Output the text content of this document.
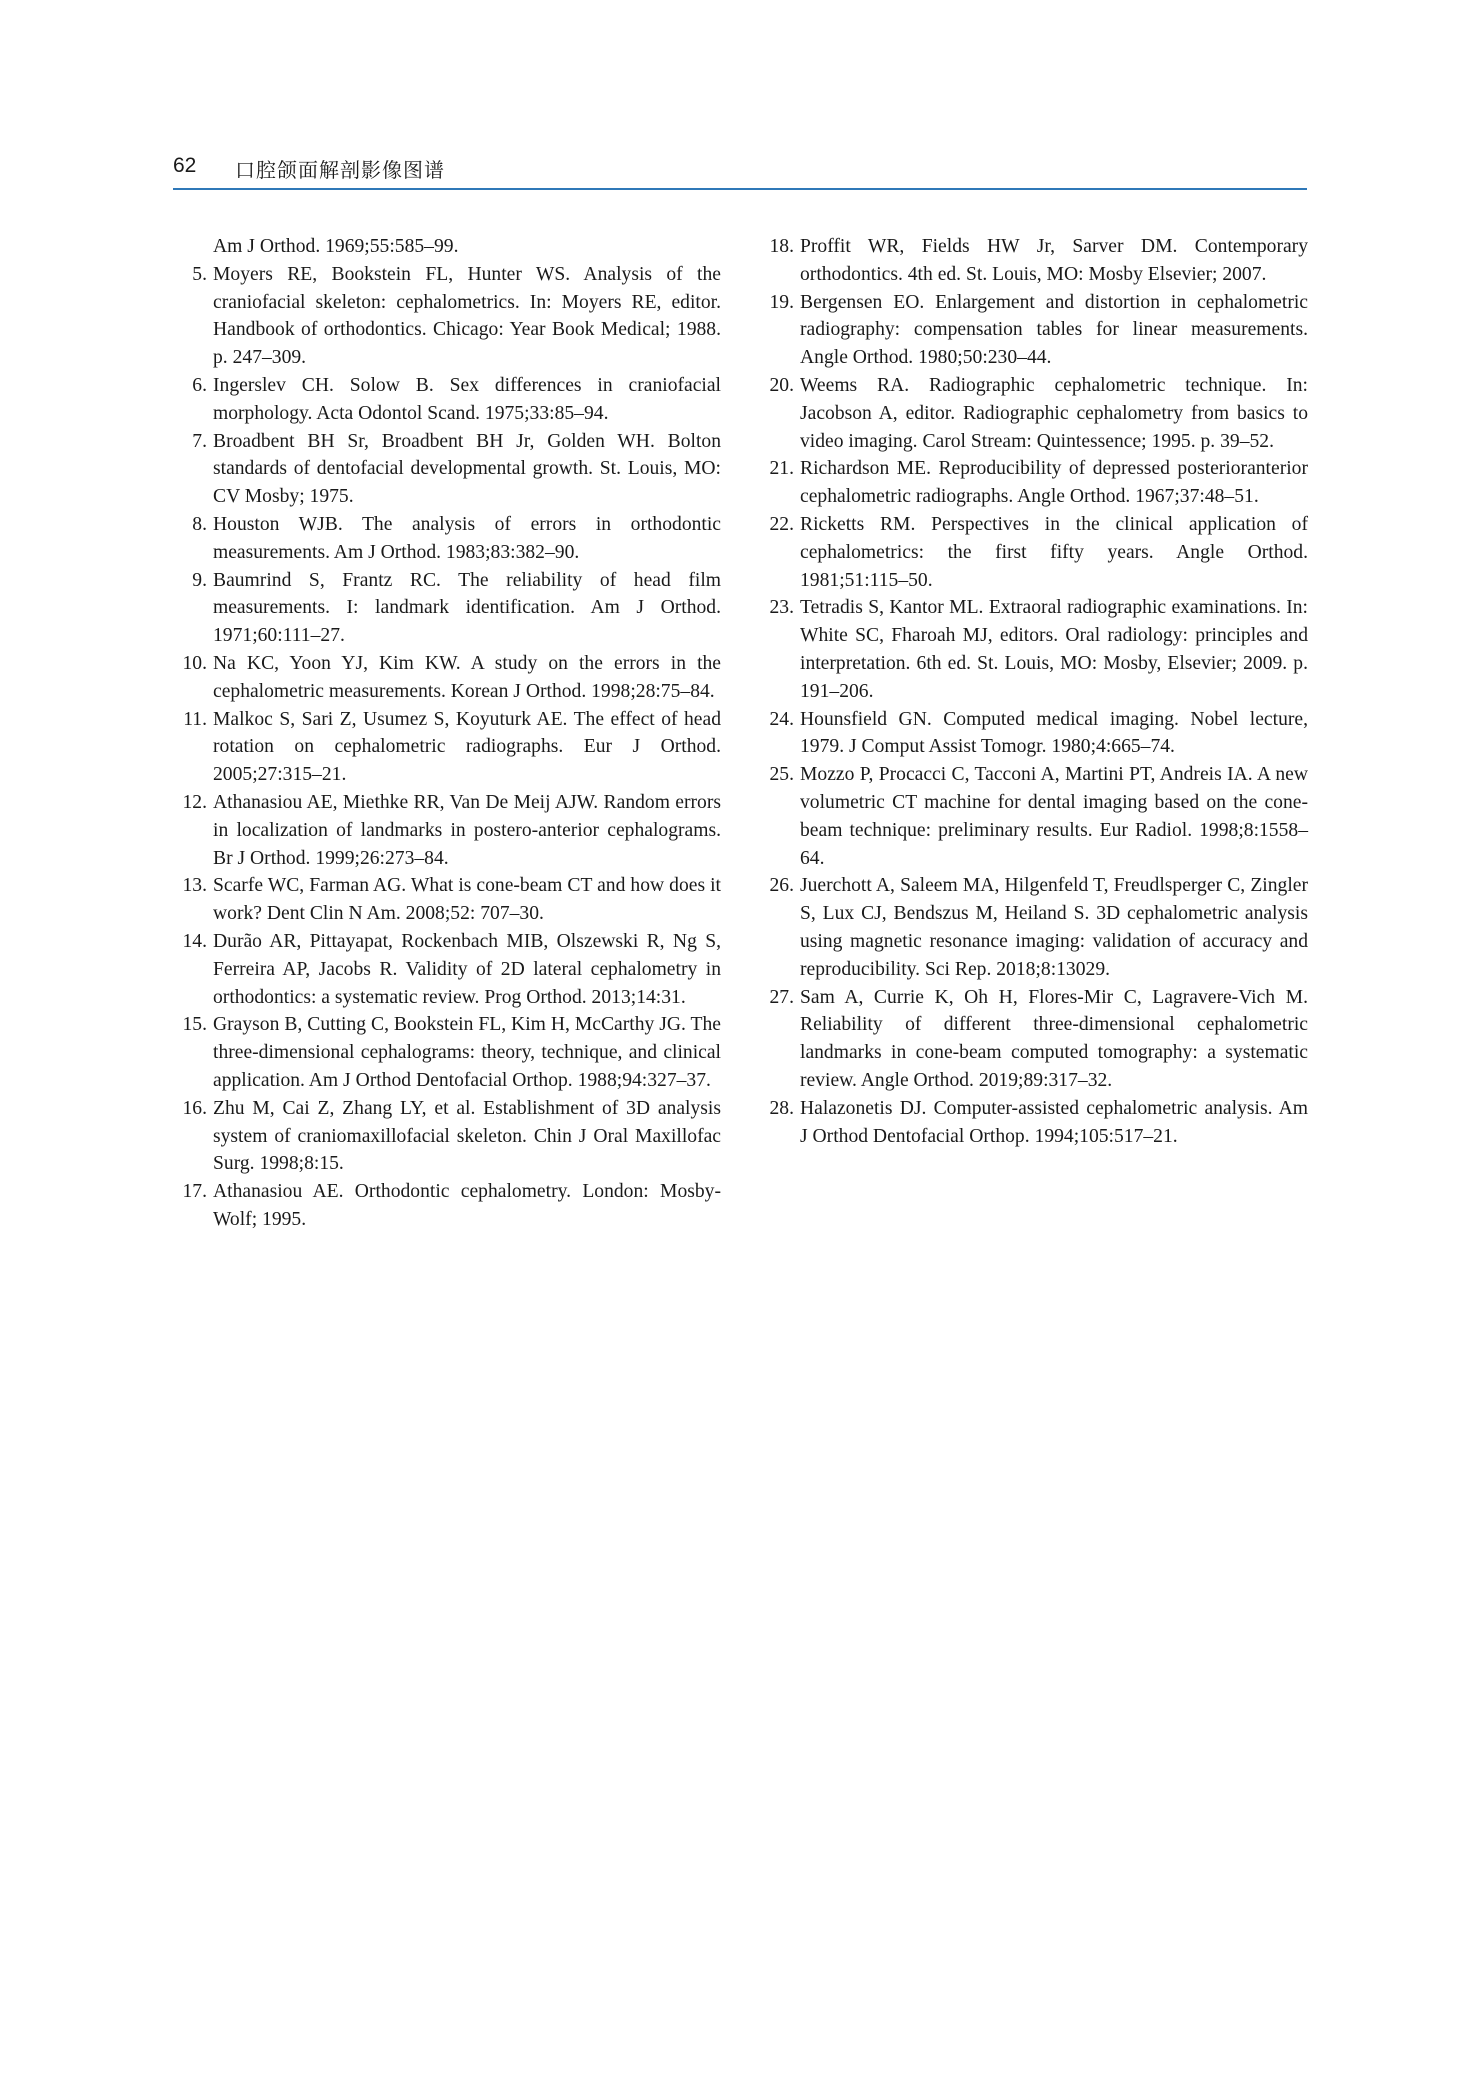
62 口腔颌面解剖影像图谱
Am J Orthod. 1969;55:585–99.
5. Moyers RE, Bookstein FL, Hunter WS. Analysis of the craniofacial skeleton: cephalometrics. In: Moyers RE, editor. Handbook of orthodontics. Chicago: Year Book Medical; 1988. p. 247–309.
6. Ingerslev CH. Solow B. Sex differences in craniofacial morphology. Acta Odontol Scand. 1975;33:85–94.
7. Broadbent BH Sr, Broadbent BH Jr, Golden WH. Bolton standards of dentofacial developmental growth. St. Louis, MO: CV Mosby; 1975.
8. Houston WJB. The analysis of errors in orthodontic measurements. Am J Orthod. 1983;83:382–90.
9. Baumrind S, Frantz RC. The reliability of head film measurements. I: landmark identification. Am J Orthod. 1971;60:111–27.
10. Na KC, Yoon YJ, Kim KW. A study on the errors in the cephalometric measurements. Korean J Orthod. 1998;28:75–84.
11. Malkoc S, Sari Z, Usumez S, Koyuturk AE. The effect of head rotation on cephalometric radiographs. Eur J Orthod. 2005;27:315–21.
12. Athanasiou AE, Miethke RR, Van De Meij AJW. Random errors in localization of landmarks in postero-anterior cephalograms. Br J Orthod. 1999;26:273–84.
13. Scarfe WC, Farman AG. What is cone-beam CT and how does it work? Dent Clin N Am. 2008;52: 707–30.
14. Durão AR, Pittayapat, Rockenbach MIB, Olszewski R, Ng S, Ferreira AP, Jacobs R. Validity of 2D lateral cephalometry in orthodontics: a systematic review. Prog Orthod. 2013;14:31.
15. Grayson B, Cutting C, Bookstein FL, Kim H, McCarthy JG. The three-dimensional cephalograms: theory, technique, and clinical application. Am J Orthod Dentofacial Orthop. 1988;94:327–37.
16. Zhu M, Cai Z, Zhang LY, et al. Establishment of 3D analysis system of craniomaxillofacial skeleton. Chin J Oral Maxillofac Surg. 1998;8:15.
17. Athanasiou AE. Orthodontic cephalometry. London: Mosby-Wolf; 1995.
18. Proffit WR, Fields HW Jr, Sarver DM. Contemporary orthodontics. 4th ed. St. Louis, MO: Mosby Elsevier; 2007.
19. Bergensen EO. Enlargement and distortion in cephalometric radiography: compensation tables for linear measurements. Angle Orthod. 1980;50:230–44.
20. Weems RA. Radiographic cephalometric technique. In: Jacobson A, editor. Radiographic cephalometry from basics to video imaging. Carol Stream: Quintessence; 1995. p. 39–52.
21. Richardson ME. Reproducibility of depressed posterioranterior cephalometric radiographs. Angle Orthod. 1967;37:48–51.
22. Ricketts RM. Perspectives in the clinical application of cephalometrics: the first fifty years. Angle Orthod. 1981;51:115–50.
23. Tetradis S, Kantor ML. Extraoral radiographic examinations. In: White SC, Fharoah MJ, editors. Oral radiology: principles and interpretation. 6th ed. St. Louis, MO: Mosby, Elsevier; 2009. p. 191–206.
24. Hounsfield GN. Computed medical imaging. Nobel lecture, 1979. J Comput Assist Tomogr. 1980;4:665–74.
25. Mozzo P, Procacci C, Tacconi A, Martini PT, Andreis IA. A new volumetric CT machine for dental imaging based on the cone-beam technique: preliminary results. Eur Radiol. 1998;8:1558–64.
26. Juerchott A, Saleem MA, Hilgenfeld T, Freudlsperger C, Zingler S, Lux CJ, Bendszus M, Heiland S. 3D cephalometric analysis using magnetic resonance imaging: validation of accuracy and reproducibility. Sci Rep. 2018;8:13029.
27. Sam A, Currie K, Oh H, Flores-Mir C, Lagravere-Vich M. Reliability of different three-dimensional cephalometric landmarks in cone-beam computed tomography: a systematic review. Angle Orthod. 2019;89:317–32.
28. Halazonetis DJ. Computer-assisted cephalometric analysis. Am J Orthod Dentofacial Orthop. 1994;105:517–21.
